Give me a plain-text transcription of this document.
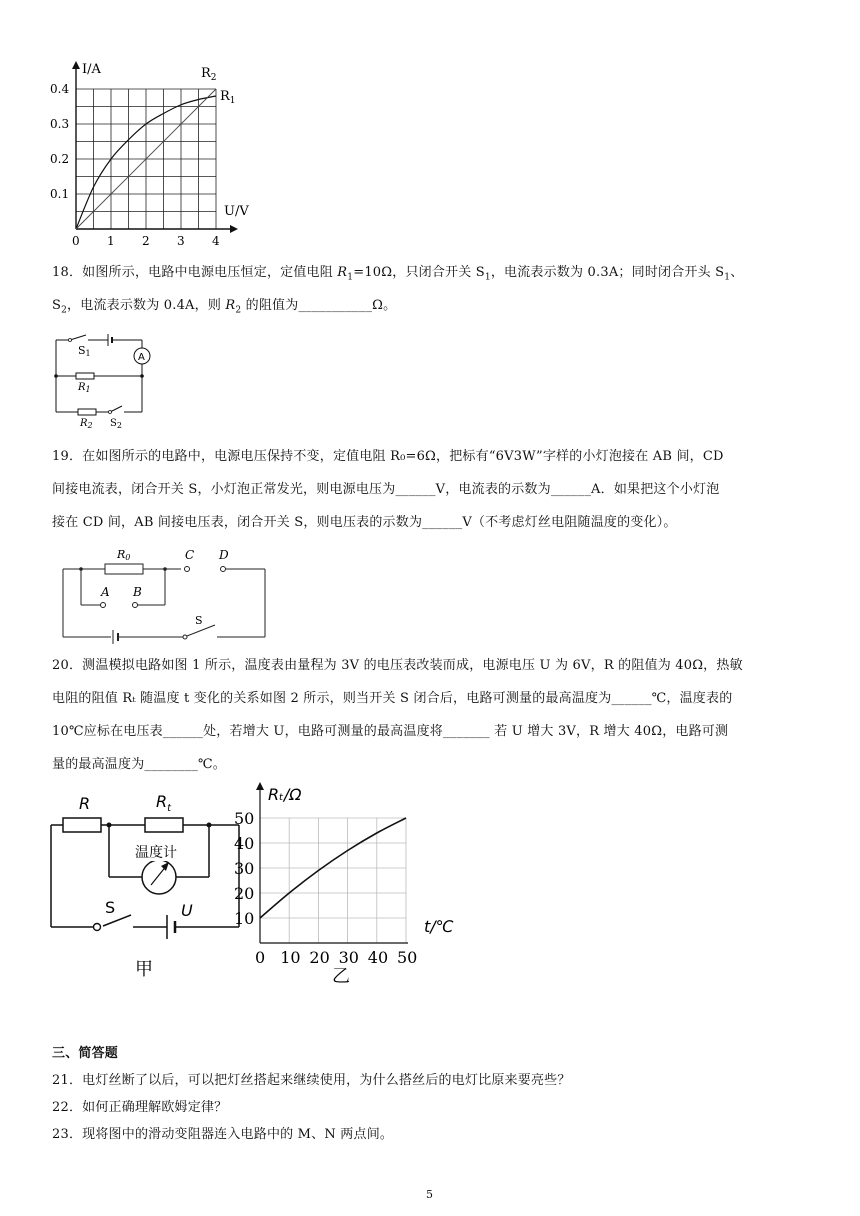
I/A
U/V
0 1 2 3 4
0.1
0.2
0.3
0.4
$R_2$
$R_1$

18．如图所示，电路中电源电压恒定，定值电阻 $R_1=10\Omega$，只闭合开关 $S_1$，电流表示数为 0.3A；同时闭合开头 $S_1$、
$S_2$，电流表示数为 0.4A，则 $R_2$ 的阻值为___________Ω。

S1	A
$R_1$
$R_2$ $S_2$

19．在如图所示的电路中，电源电压保持不变，定值电阻 R₀=6Ω，把标有“6V3W”字样的小灯泡接在 AB 间，CD

间接电流表，闭合开关 S，小灯泡正常发光，则电源电压为______V，电流表的示数为______A．如果把这个小灯泡

接在 CD 间，AB 间接电压表，闭合开关 S，则电压表的示数为______V（不考虑灯丝电阻随温度的变化）。

R0	C D
A B
S

20．测温模拟电路如图 1 所示，温度表由量程为 3V 的电压表改装而成，电源电压 U 为 6V，R 的阻值为 40Ω，热敏

电阻的阻值 Rₜ 随温度 t 变化的关系如图 2 所示，则当开关 S 闭合后，电路可测量的最高温度为______℃，温度表的

10℃应标在电压表______处，若增大 U，电路可测量的最高温度将_______ 若 U 增大 3V，R 增大 40Ω，电路可测

量的最高温度为________℃。

R	$R_t$
温度计
S	U
甲
Rₜ/Ω
t/℃
0 10 20 30 40 50
10
20
30
40
50
乙

三、简答题

21．电灯丝断了以后，可以把灯丝搭起来继续使用，为什么搭丝后的电灯比原来要亮些？

22．如何正确理解欧姆定律？

23．现将图中的滑动变阻器连入电路中的 M、N 两点间。

5
